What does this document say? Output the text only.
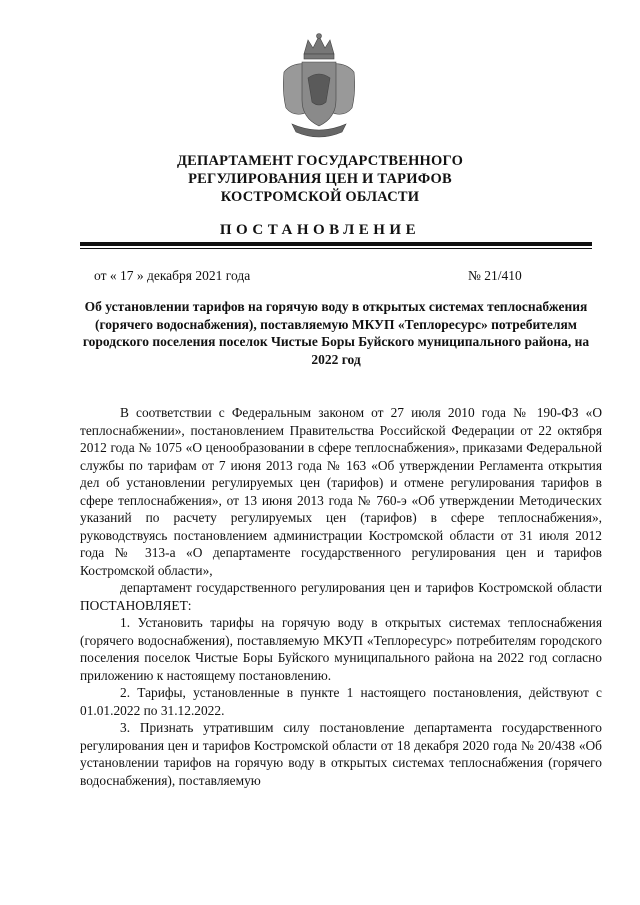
ДЕПАРТАМЕНТ ГОСУДАРСТВЕННОГО
РЕГУЛИРОВАНИЯ ЦЕН И ТАРИФОВ
КОСТРОМСКОЙ ОБЛАСТИ
ПОСТАНОВЛЕНИЕ
от « 17 » декабря 2021 года	№ 21/410
Об установлении тарифов на горячую воду в открытых системах теплоснабжения (горячего водоснабжения), поставляемую МКУП «Теплоресурс» потребителям городского поселения поселок Чистые Боры Буйского муниципального района, на 2022 год

В соответствии с Федеральным законом от 27 июля 2010 года № 190-ФЗ «О теплоснабжении», постановлением Правительства Российской Федерации от 22 октября 2012 года № 1075 «О ценообразовании в сфере теплоснабжения», приказами Федеральной службы по тарифам от 7 июня 2013 года № 163 «Об утверждении Регламента открытия дел об установлении регулируемых цен (тарифов) и отмене регулирования тарифов в сфере теплоснабжения», от 13 июня 2013 года № 760-э «Об утверждении Методических указаний по расчету регулируемых цен (тарифов) в сфере теплоснабжения», руководствуясь постановлением администрации Костромской области от 31 июля 2012 года № 313-а «О департаменте государственного регулирования цен и тарифов Костромской области»,

департамент государственного регулирования цен и тарифов Костромской области ПОСТАНОВЛЯЕТ:

1. Установить тарифы на горячую воду в открытых системах теплоснабжения (горячего водоснабжения), поставляемую МКУП «Теплоресурс» потребителям городского поселения поселок Чистые Боры Буйского муниципального района на 2022 год согласно приложению к настоящему постановлению.

2. Тарифы, установленные в пункте 1 настоящего постановления, действуют с 01.01.2022 по 31.12.2022.

3. Признать утратившим силу постановление департамента государственного регулирования цен и тарифов Костромской области от 18 декабря 2020 года № 20/438 «Об установлении тарифов на горячую воду в открытых системах теплоснабжения (горячего водоснабжения), поставляемую
